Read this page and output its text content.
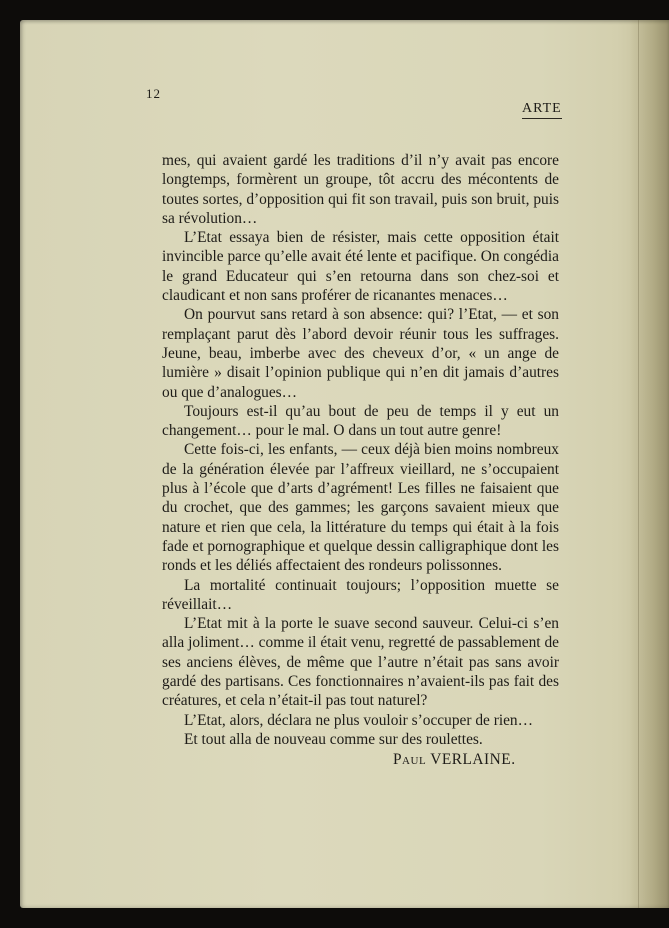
12
ARTE

mes, qui avaient gardé les traditions d’il n’y avait pas encore longtemps, formèrent un groupe, tôt accru des mécontents de toutes sortes, d’opposition qui fit son travail, puis son bruit, puis sa révolution…

L’Etat essaya bien de résister, mais cette opposition était invincible parce qu’elle avait été lente et pacifique. On congédia le grand Educateur qui s’en retourna dans son chez-soi et claudicant et non sans proférer de ricanantes menaces…

On pourvut sans retard à son absence: qui? l’Etat, — et son remplaçant parut dès l’abord devoir réunir tous les suffrages. Jeune, beau, imberbe avec des cheveux d’or, « un ange de lumière » disait l’opinion publique qui n’en dit jamais d’autres ou que d’analogues…

Toujours est-il qu’au bout de peu de temps il y eut un changement… pour le mal. O dans un tout autre genre!

Cette fois-ci, les enfants, — ceux déjà bien moins nombreux de la génération élevée par l’affreux vieillard, ne s’occupaient plus à l’école que d’arts d’agrément! Les filles ne faisaient que du crochet, que des gammes; les garçons savaient mieux que nature et rien que cela, la littérature du temps qui était à la fois fade et pornographique et quelque dessin calligraphique dont les ronds et les déliés affectaient des rondeurs polissonnes.

La mortalité continuait toujours; l’opposition muette se réveillait…

L’Etat mit à la porte le suave second sauveur. Celui-ci s’en alla joliment… comme il était venu, regretté de passablement de ses anciens élèves, de même que l’autre n’était pas sans avoir gardé des partisans. Ces fonctionnaires n’avaient-ils pas fait des créatures, et cela n’était-il pas tout naturel?

L’Etat, alors, déclara ne plus vouloir s’occuper de rien…

Et tout alla de nouveau comme sur des roulettes.

Paul VERLAINE.
